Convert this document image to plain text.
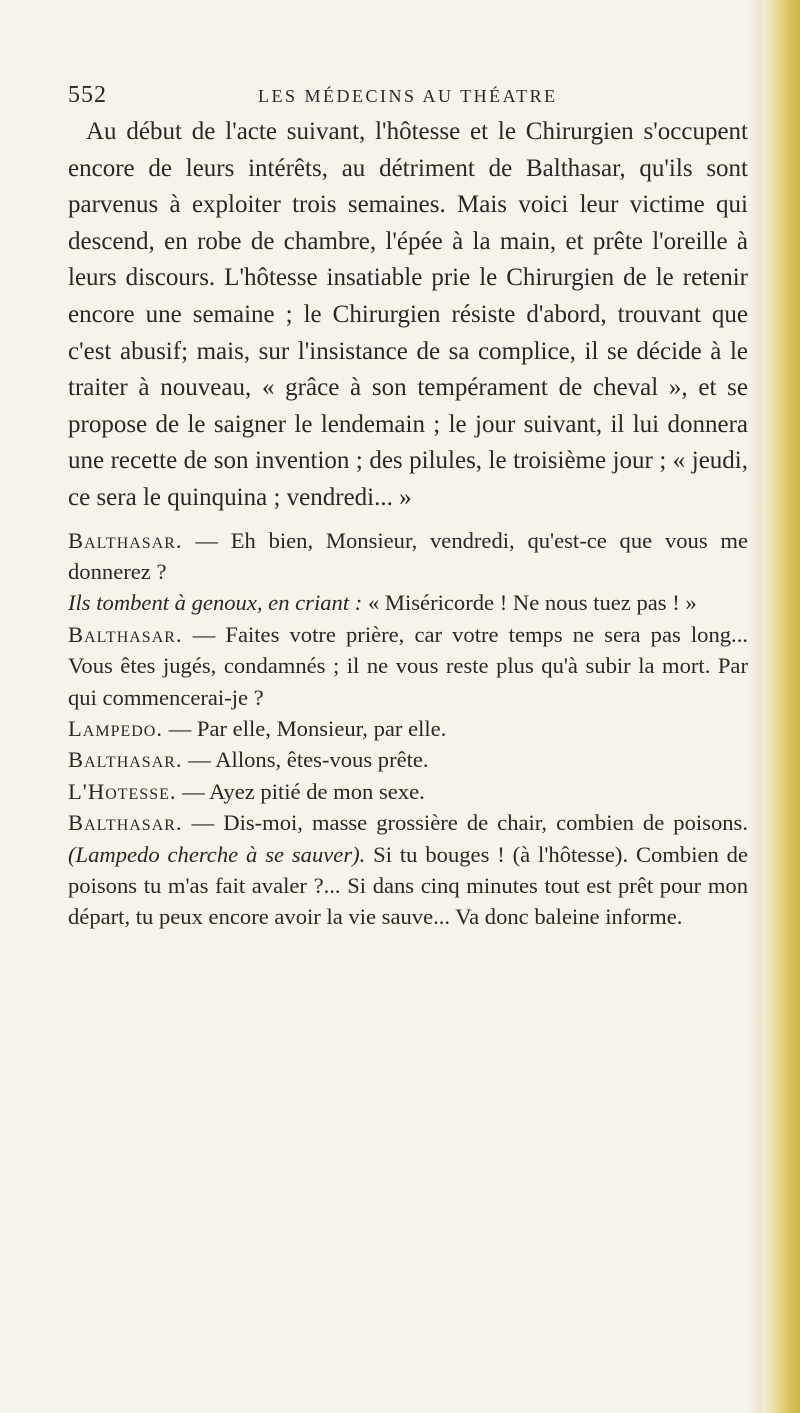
552	LES MÉDECINS AU THÉATRE

Au début de l'acte suivant, l'hôtesse et le Chirurgien s'occupent encore de leurs intérêts, au détriment de Balthasar, qu'ils sont parvenus à exploiter trois semaines. Mais voici leur victime qui descend, en robe de chambre, l'épée à la main, et prête l'oreille à leurs discours. L'hôtesse insatiable prie le Chirurgien de le retenir encore une semaine ; le Chirurgien résiste d'abord, trouvant que c'est abusif; mais, sur l'insistance de sa complice, il se décide à le traiter à nouveau, « grâce à son tempérament de cheval », et se propose de le saigner le lendemain ; le jour suivant, il lui donnera une recette de son invention ; des pilules, le troisième jour ; « jeudi, ce sera le quinquina ; vendredi... »

Balthasar. — Eh bien, Monsieur, vendredi, qu'est-ce que vous me donnerez ?

Ils tombent à genoux, en criant : « Miséricorde ! Ne nous tuez pas ! »

Balthasar. — Faites votre prière, car votre temps ne sera pas long... Vous êtes jugés, condamnés ; il ne vous reste plus qu'à subir la mort. Par qui commencerai-je ?

Lampedo. — Par elle, Monsieur, par elle.

Balthasar. — Allons, êtes-vous prête.

L'Hotesse. — Ayez pitié de mon sexe.

Balthasar. — Dis-moi, masse grossière de chair, combien de poisons. (Lampedo cherche à se sauver). Si tu bouges ! (à l'hôtesse). Combien de poisons tu m'as fait avaler ?... Si dans cinq minutes tout est prêt pour mon départ, tu peux encore avoir la vie sauve... Va donc baleine informe.
